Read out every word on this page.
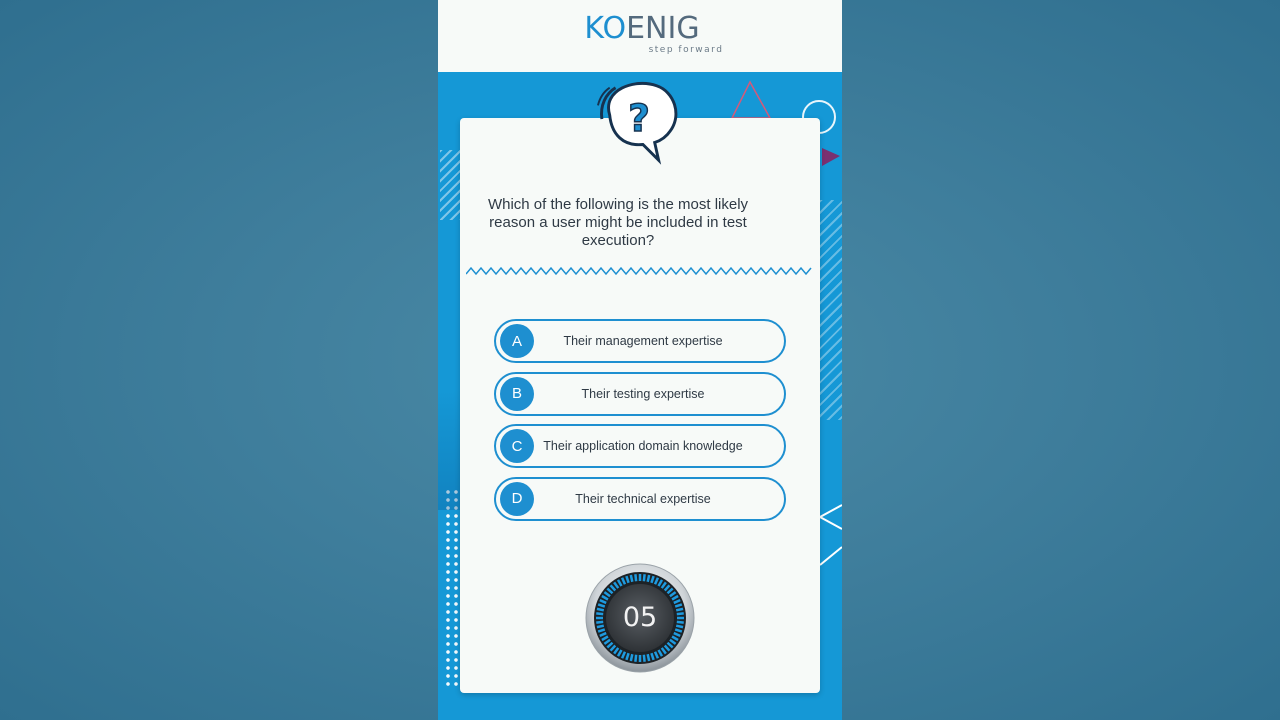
KOENIG
step forward
?
Which of the following is the most likely reason a user might be included in test execution?
A	Their management expertise
B	Their testing expertise
C	Their application domain knowledge
D	Their technical expertise
05
